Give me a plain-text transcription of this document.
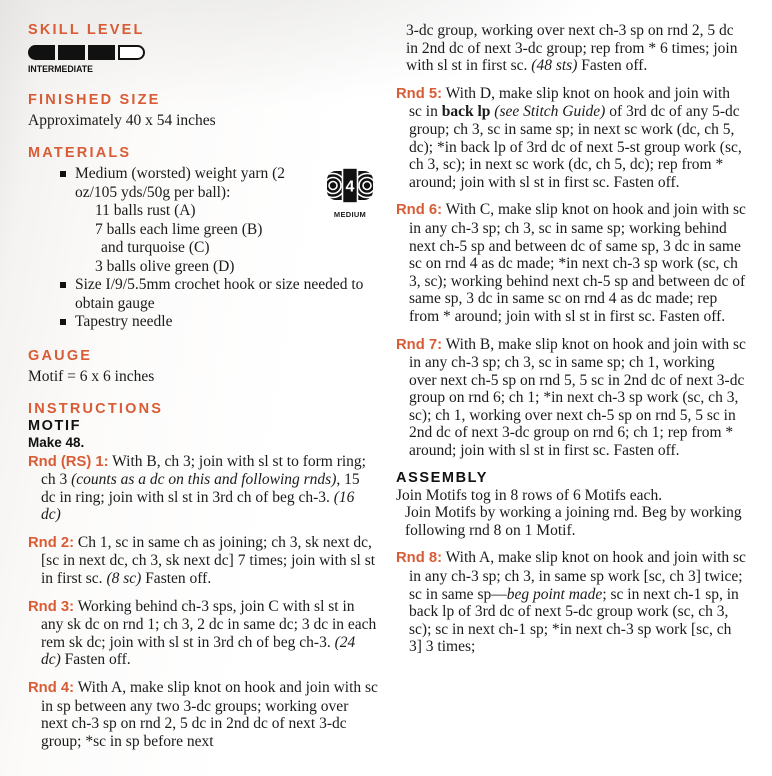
SKILL LEVEL
INTERMEDIATE
FINISHED SIZE
Approximately 40 x 54 inches
MATERIALS
4
MEDIUM
Medium (worsted) weight yarn (2 oz/105 yds/50g per ball):
11 balls rust (A)
7 balls each lime green (B)
and turquoise (C)
3 balls olive green (D)
Size I/9/5.5mm crochet hook or size needed to obtain gauge
Tapestry needle
GAUGE
Motif = 6 x 6 inches
INSTRUCTIONS
MOTIF
Make 48.

Rnd (RS) 1: With B, ch 3; join with sl st to form ring; ch 3 (counts as a dc on this and following rnds), 15 dc in ring; join with sl st in 3rd ch of beg ch-3. (16 dc)

Rnd 2: Ch 1, sc in same ch as joining; ch 3, sk next dc, [sc in next dc, ch 3, sk next dc] 7 times; join with sl st in first sc. (8 sc) Fasten off.

Rnd 3: Working behind ch-3 sps, join C with sl st in any sk dc on rnd 1; ch 3, 2 dc in same dc; 3 dc in each rem sk dc; join with sl st in 3rd ch of beg ch-3. (24 dc) Fasten off.

Rnd 4: With A, make slip knot on hook and join with sc in sp between any two 3-dc groups; working over next ch-3 sp on rnd 2, 5 dc in 2nd dc of next 3-dc group; *sc in sp before next

3-dc group, working over next ch-3 sp on rnd 2, 5 dc in 2nd dc of next 3-dc group; rep from * 6 times; join with sl st in first sc. (48 sts) Fasten off.

Rnd 5: With D, make slip knot on hook and join with sc in back lp (see Stitch Guide) of 3rd dc of any 5-dc group; ch 3, sc in same sp; in next sc work (dc, ch 5, dc); *in back lp of 3rd dc of next 5-st group work (sc, ch 3, sc); in next sc work (dc, ch 5, dc); rep from * around; join with sl st in first sc. Fasten off.

Rnd 6: With C, make slip knot on hook and join with sc in any ch-3 sp; ch 3, sc in same sp; working behind next ch-5 sp and between dc of same sp, 3 dc in same sc on rnd 4 as dc made; *in next ch-3 sp work (sc, ch 3, sc); working behind next ch-5 sp and between dc of same sp, 3 dc in same sc on rnd 4 as dc made; rep from * around; join with sl st in first sc. Fasten off.

Rnd 7: With B, make slip knot on hook and join with sc in any ch-3 sp; ch 3, sc in same sp; ch 1, working over next ch-5 sp on rnd 5, 5 sc in 2nd dc of next 3-dc group on rnd 6; ch 1; *in next ch-3 sp work (sc, ch 3, sc); ch 1, working over next ch-5 sp on rnd 5, 5 sc in 2nd dc of next 3-dc group on rnd 6; ch 1; rep from * around; join with sl st in first sc. Fasten off.

ASSEMBLY

Join Motifs tog in 8 rows of 6 Motifs each.

Join Motifs by working a joining rnd. Beg by working following rnd 8 on 1 Motif.

Rnd 8: With A, make slip knot on hook and join with sc in any ch-3 sp; ch 3, in same sp work [sc, ch 3] twice; sc in same sp—beg point made; sc in next ch-1 sp, in back lp of 3rd dc of next 5-dc group work (sc, ch 3, sc); sc in next ch-1 sp; *in next ch-3 sp work [sc, ch 3] 3 times;
